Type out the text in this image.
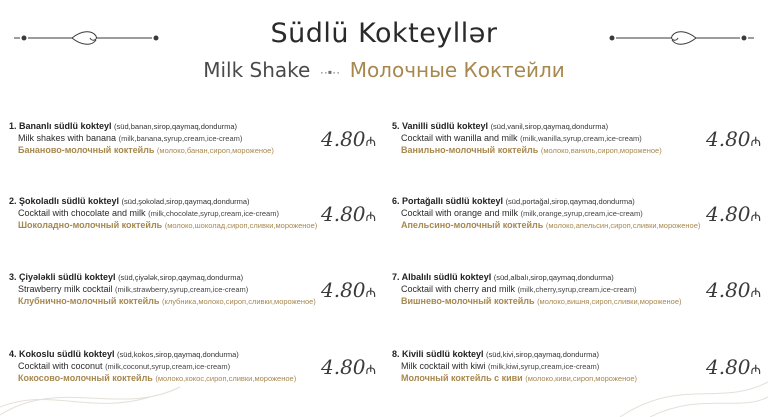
Südlü Kokteyllər
Milk Shake ··▪·· Молочные Коктейли
1. Bananlı südlü kokteyl (süd,banan,sirop,qaymaq,dondurma)
Milk shakes with banana (milk,banana,syrup,cream,ice-cream)
Бананово-молочный коктейль (молоко,банан,сироп,мороженое) 4.80₼
2. Şokoladlı südlü kokteyl (süd,şokolad,sirop,qaymaq,dondurma)
Cocktail with chocolate and milk (milk,chocolate,syrup,cream,ice-cream)
Шоколадно-молочный коктейль (молоко,шоколад,сироп,сливки,мороженое) 4.80₼
3. Çiyələkli südlü kokteyl (süd,çiyələk,sirop,qaymaq,dondurma)
Strawberry milk cocktail (milk,strawberry,syrup,cream,ice-cream)
Клубнично-молочный коктейль (клубника,молоко,сироп,сливки,мороженое) 4.80₼
4. Kokoslu südlü kokteyl (süd,kokos,sirop,qaymaq,dondurma)
Cocktail with coconut (milk,coconut,syrup,cream,ice-cream)
Кокосово-молочный коктейль (молоко,кокос,сироп,сливки,мороженое) 4.80₼
5. Vanilli südlü kokteyl (süd,vanil,sirop,qaymaq,dondurma)
Cocktail with wanilla and milk (milk,wanilla,syrup,cream,ice-cream)
Ванильно-молочный коктейль (молоко,ваниль,сироп,мороженое) 4.80₼
6. Portağallı südlü kokteyl (süd,portağal,sirop,qaymaq,dondurma)
Cocktail with orange and milk (milk,orange,syrup,cream,ice-cream)
Апельсино-молочный коктейль (молоко,апельсин,сироп,сливки,мороженое) 4.80₼
7. Albalılı südlü kokteyl (süd,albalı,sirop,qaymaq,dondurma)
Cocktail with cherry and milk (milk,cherry,syrup,cream,ice-cream)
Вишнево-молочный коктейль (молоко,вишня,сироп,сливки,мороженое) 4.80₼
8. Kivili südlü kokteyl (süd,kivi,sirop,qaymaq,dondurma)
Milk cocktail with kiwi (milk,kiwi,syrup,cream,ice-cream)
Молочный коктейль с киви (молоко,киви,сироп,мороженое)	4.80₼
